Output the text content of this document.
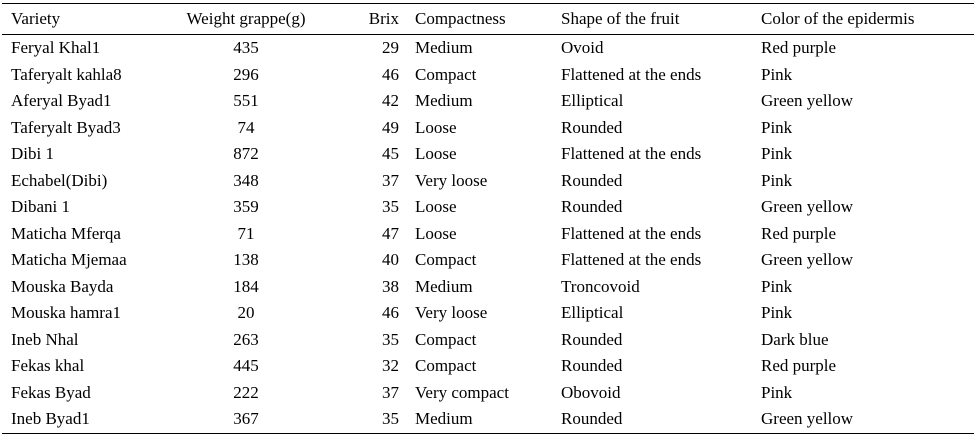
Variety	Weight grappe(g)	Brix	Compactness	Shape of the fruit	Color of the epidermis
Feryal Khal1	435	29	Medium	Ovoid	Red purple
Taferyalt kahla8	296	46	Compact	Flattened at the ends	Pink
Aferyal Byad1	551	42	Medium	Elliptical	Green yellow
Taferyalt Byad3	74	49	Loose	Rounded	Pink
Dibi 1	872	45	Loose	Flattened at the ends	Pink
Echabel(Dibi)	348	37	Very loose	Rounded	Pink
Dibani 1	359	35	Loose	Rounded	Green yellow
Maticha Mferqa	71	47	Loose	Flattened at the ends	Red purple
Maticha Mjemaa	138	40	Compact	Flattened at the ends	Green yellow
Mouska Bayda	184	38	Medium	Troncovoid	Pink
Mouska hamra1	20	46	Very loose	Elliptical	Pink
Ineb Nhal	263	35	Compact	Rounded	Dark blue
Fekas khal	445	32	Compact	Rounded	Red purple
Fekas Byad	222	37	Very compact	Obovoid	Pink
Ineb Byad1	367	35	Medium	Rounded	Green yellow
